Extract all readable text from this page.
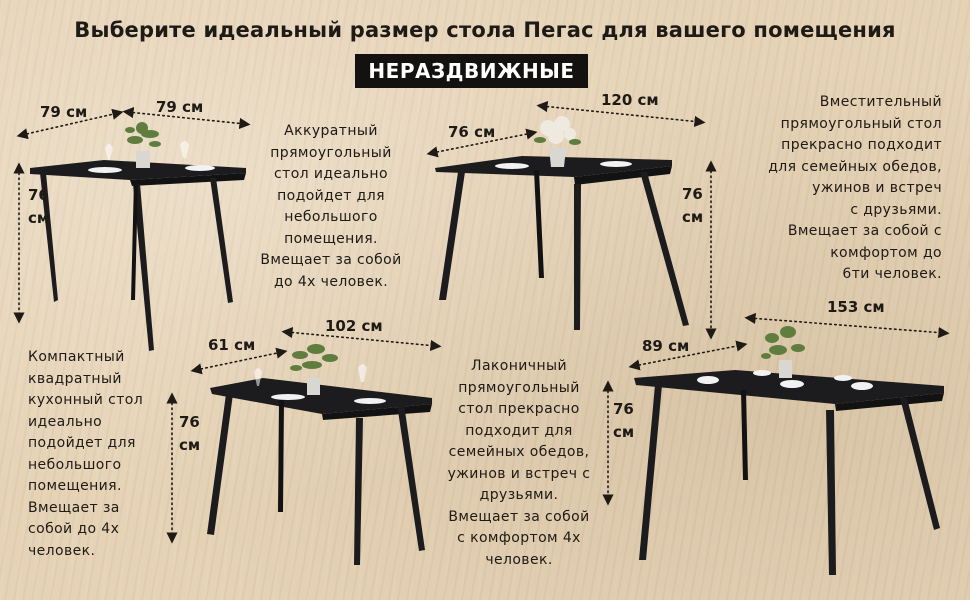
Выберите идеальный размер стола Пегас для вашего помещения
НЕРАЗДВИЖНЫЕ
79 см	79 см
76
см
76 см
120 см
76
см
61 см
102 см
76
см
89 см
153 см
76
см
Компактный
квадратный
кухонный стол
идеально
подойдет для
небольшого
помещения.
Вмещает за
собой до 4х
человек.
Аккуратный
прямоугольный
стол идеально
подойдет для
небольшого
помещения.
Вмещает за собой
до 4х человек.
Лаконичный
прямоугольный
стол прекрасно
подходит для
семейных обедов,
ужинов и встреч с
друзьями.
Вмещает за собой
с комфортом 4х
человек.
Вместительный
прямоугольный стол
прекрасно подходит
для семейных обедов,
ужинов и встреч
с друзьями.
Вмещает за собой с
комфортом до
6ти человек.
